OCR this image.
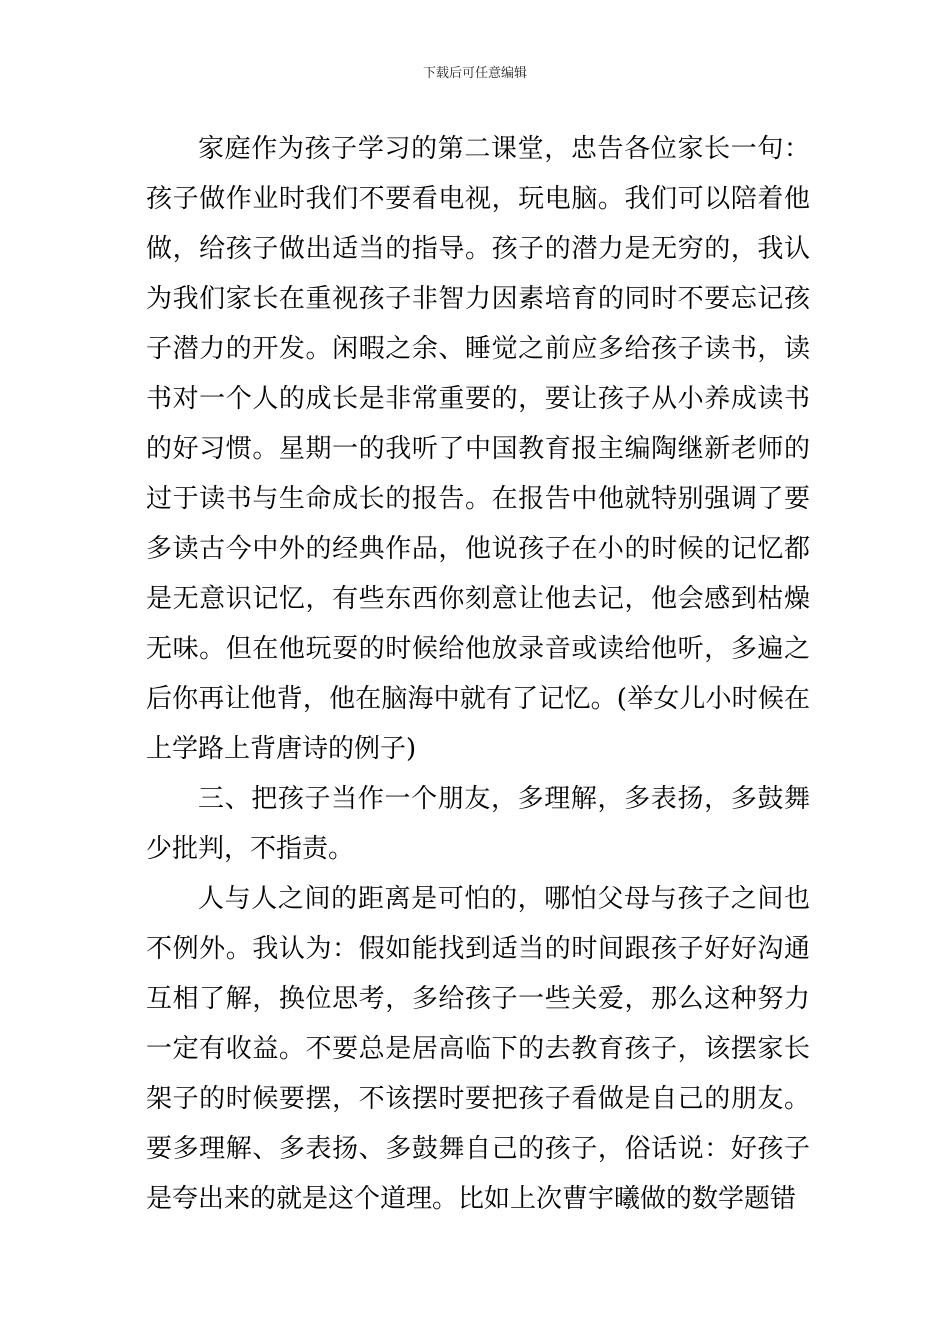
下载后可任意编辑

家庭作为孩子学习的第二课堂，忠告各位家长一句：孩子做作业时我们不要看电视，玩电脑。我们可以陪着他做，给孩子做出适当的指导。孩子的潜力是无穷的，我认为我们家长在重视孩子非智力因素培育的同时不要忘记孩子潜力的开发。闲暇之余、睡觉之前应多给孩子读书，读书对一个人的成长是非常重要的，要让孩子从小养成读书的好习惯。星期一的我听了中国教育报主编陶继新老师的过于读书与生命成长的报告。在报告中他就特别强调了要多读古今中外的经典作品，他说孩子在小的时候的记忆都是无意识记忆，有些东西你刻意让他去记，他会感到枯燥无味。但在他玩耍的时候给他放录音或读给他听，多遍之后你再让他背，他在脑海中就有了记忆。(举女儿小时候在上学路上背唐诗的例子)

三、把孩子当作一个朋友，多理解，多表扬，多鼓舞少批判，不指责。

人与人之间的距离是可怕的，哪怕父母与孩子之间也不例外。我认为：假如能找到适当的时间跟孩子好好沟通互相了解，换位思考，多给孩子一些关爱，那么这种努力一定有收益。不要总是居高临下的去教育孩子，该摆家长架子的时候要摆，不该摆时要把孩子看做是自己的朋友。要多理解、多表扬、多鼓舞自己的孩子，俗话说：好孩子是夸出来的就是这个道理。比如上次曹宇曦做的数学题错
